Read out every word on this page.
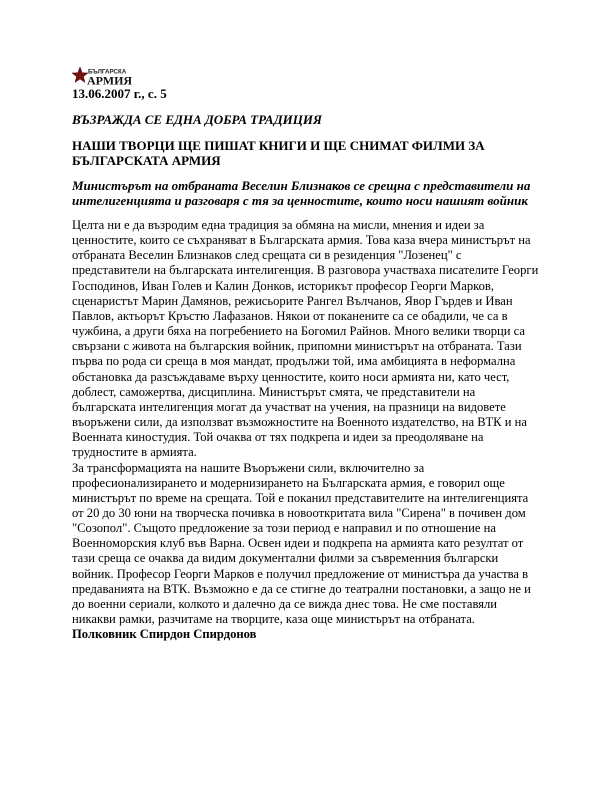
БЪЛГАРСКА
АРМИЯ
13.06.2007 г., с. 5
ВЪЗРАЖДА СЕ ЕДНА ДОБРА ТРАДИЦИЯ
НАШИ ТВОРЦИ ЩЕ ПИШАТ КНИГИ И ЩЕ СНИМАТ ФИЛМИ ЗА БЪЛГАРСКАТА АРМИЯ
Министърът на отбраната Веселин Близнаков се срещна с представители на интелигенцията и разговаря с тя за ценностите, които носи нашият войник

Целта ни е да възродим една традиция за обмяна на мисли, мнения и идеи за ценностите, които се съхраняват в Българската армия. Това каза вчера министърът на отбраната Веселин Близнаков след срещата си в резиденция "Лозенец" с представители на българската интелигенция. В разговора участваха писателите Георги Господинов, Иван Голев и Калин Донков, историкът професор Георги Марков, сценаристът Марин Дамянов, режисьорите Рангел Вълчанов, Явор Гърдев и Иван Павлов, актьорът Кръстю Лафазанов. Някои от поканените са се обадили, че са в чужбина, а други бяха на погребението на Богомил Райнов. Много велики творци са свързани с живота на българския войник, припомни министърът на отбраната. Тази първа по рода си среща в моя мандат, продължи той, има амбицията в неформална обстановка да разсъждаваме върху ценностите, които носи армията ни, като чест, доблест, саможертва, дисциплина. Министърът смята, че представители на българската интелигенция могат да участват на учения, на празници на видовете въоръжени сили, да използват възможностите на Военното издателство, на ВТК и на Военната киностудия. Той очаква от тях подкрепа и идеи за преодоляване на трудностите в армията.

За трансформацията на нашите Въоръжени сили, включително за професионализирането и модернизирането на Българската армия, е говорил още министърът по време на срещата. Той е поканил представителите на интелигенцията от 20 до 30 юни на творческа почивка в новооткритата вила "Сирена" в почивен дом "Созопол". Същото предложение за този период е направил и по отношение на Военноморския клуб във Варна. Освен идеи и подкрепа на армията като резултат от тази среща се очаква да видим документални филми за съвременния български войник. Професор Георги Марков е получил предложение от министъра да участва в предаванията на ВТК. Възможно е да се стигне до театрални постановки, а защо не и до военни сериали, колкото и далечно да се вижда днес това. Не сме поставяли никакви рамки, разчитаме на творците, каза още министърът на отбраната.

Полковник Спирдон Спирдонов
